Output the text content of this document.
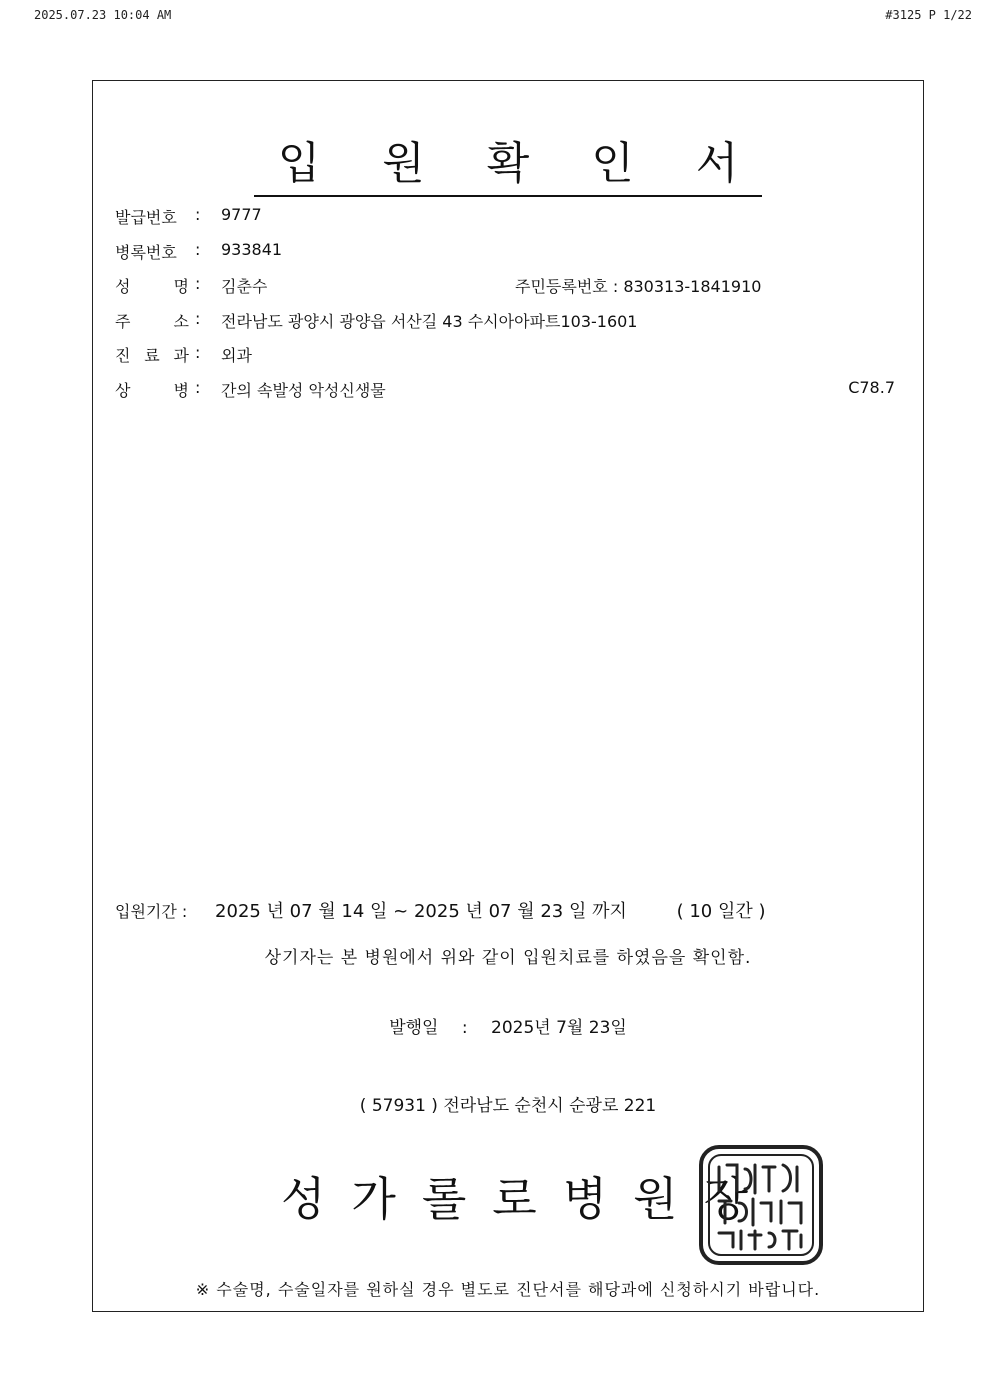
2025.07.23 10:04 AM	#3125 P 1/22
입 원 확 인 서
발급번호 : 9777
병록번호 : 933841
성	명 : 김춘수	주민등록번호 : 830313-1841910
주	소 : 전라남도 광양시 광양읍 서산길 43 수시아아파트103-1601
진 료 과 : 외과
상	병 : 간의 속발성 악성신생물	C78.7
입원기간 : 2025 년 07 월 14 일 ~ 2025 년 07 월 23 일 까지	( 10 일간 )
상기자는 본 병원에서 위와 같이 입원치료를 하였음을 확인함.
발행일 : 2025년 7월 23일
( 57931 ) 전라남도 순천시 순광로 221
성가롤로병원장
※ 수술명, 수술일자를 원하실 경우 별도로 진단서를 해당과에 신청하시기 바랍니다.
